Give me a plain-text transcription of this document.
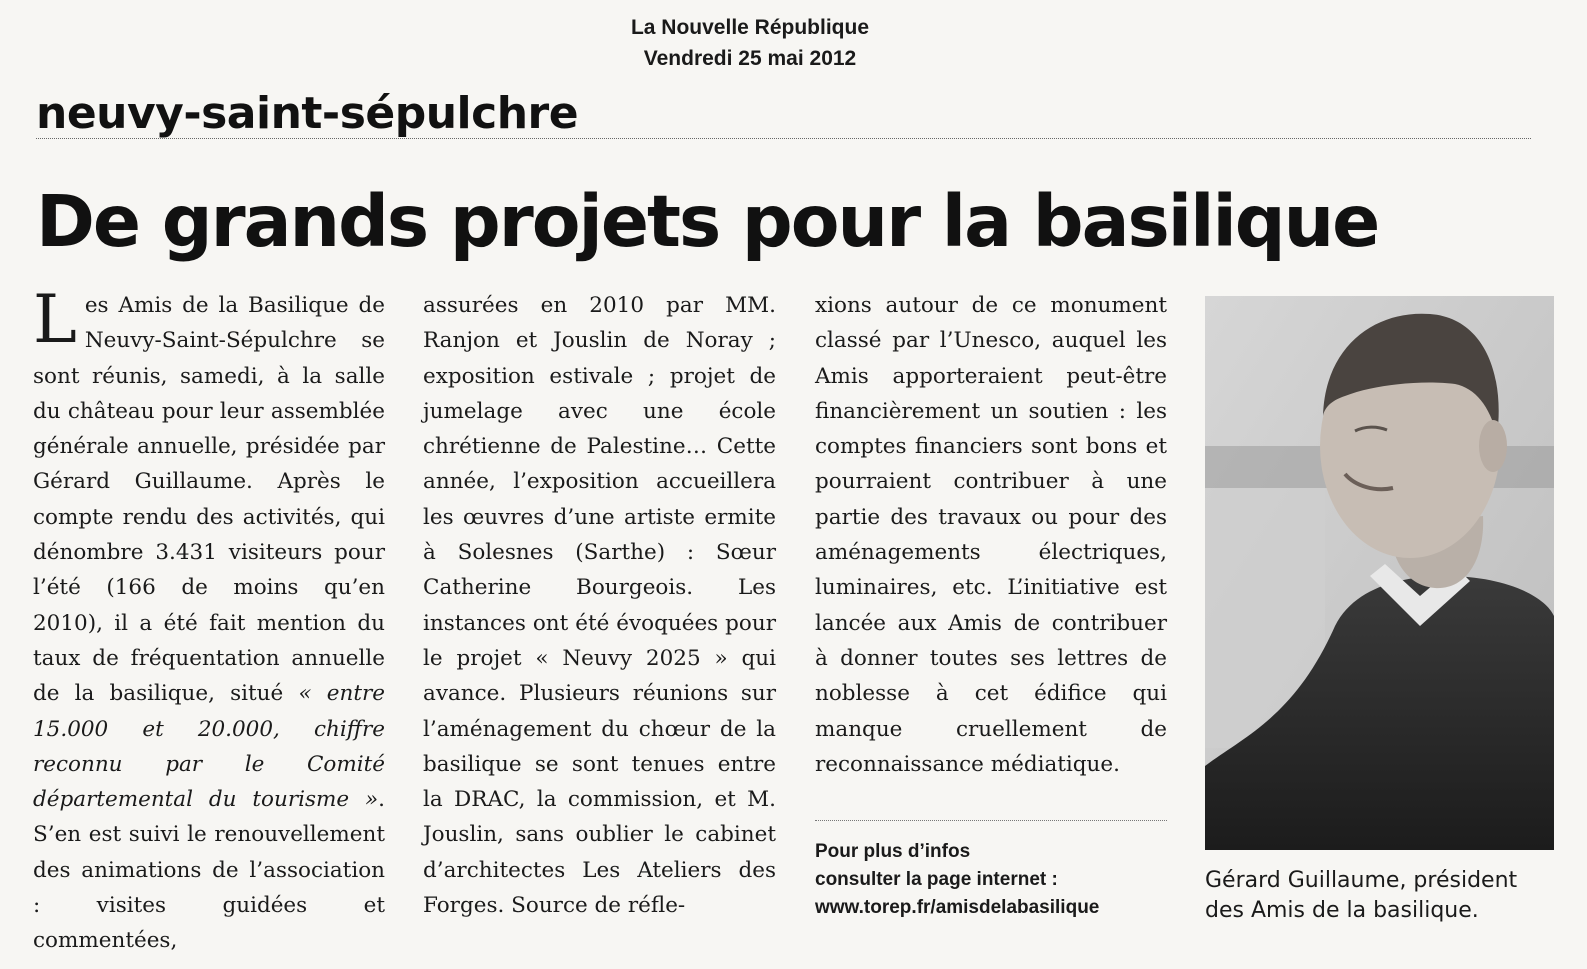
La Nouvelle République
Vendredi 25 mai 2012
neuvy-saint-sépulchre
De grands projets pour la basilique

Les Amis de la Basilique de Neuvy-Saint-Sépulchre se sont réunis, samedi, à la salle du château pour leur assemblée générale annuelle, présidée par Gérard Guillaume. Après le compte rendu des activités, qui dénombre 3.431 visiteurs pour l’été (166 de moins qu’en 2010), il a été fait mention du taux de fréquentation annuelle de la basilique, situé « entre 15.000 et 20.000, chiffre reconnu par le Comité départemental du tourisme ». S’en est suivi le renouvellement des animations de l’association : visites guidées et commentées,

assurées en 2010 par MM. Ranjon et Jouslin de Noray ; exposition estivale ; projet de jumelage avec une école chrétienne de Palestine… Cette année, l’exposition accueillera les œuvres d’une artiste ermite à Solesnes (Sarthe) : Sœur Catherine Bourgeois. Les instances ont été évoquées pour le projet « Neuvy 2025 » qui avance. Plusieurs réunions sur l’aménagement du chœur de la basilique se sont tenues entre la DRAC, la commission, et M. Jouslin, sans oublier le cabinet d’architectes Les Ateliers des Forges. Source de réfle-

xions autour de ce monument classé par l’Unesco, auquel les Amis apporteraient peut-être financièrement un soutien : les comptes financiers sont bons et pourraient contribuer à une partie des travaux ou pour des aménagements électriques, luminaires, etc. L’initiative est lancée aux Amis de contribuer à donner toutes ses lettres de noblesse à cet édifice qui manque cruellement de reconnaissance médiatique.

Pour plus d’infos
consulter la page internet :
www.torep.fr/amisdelabasilique
Gérard Guillaume, président
des Amis de la basilique.
